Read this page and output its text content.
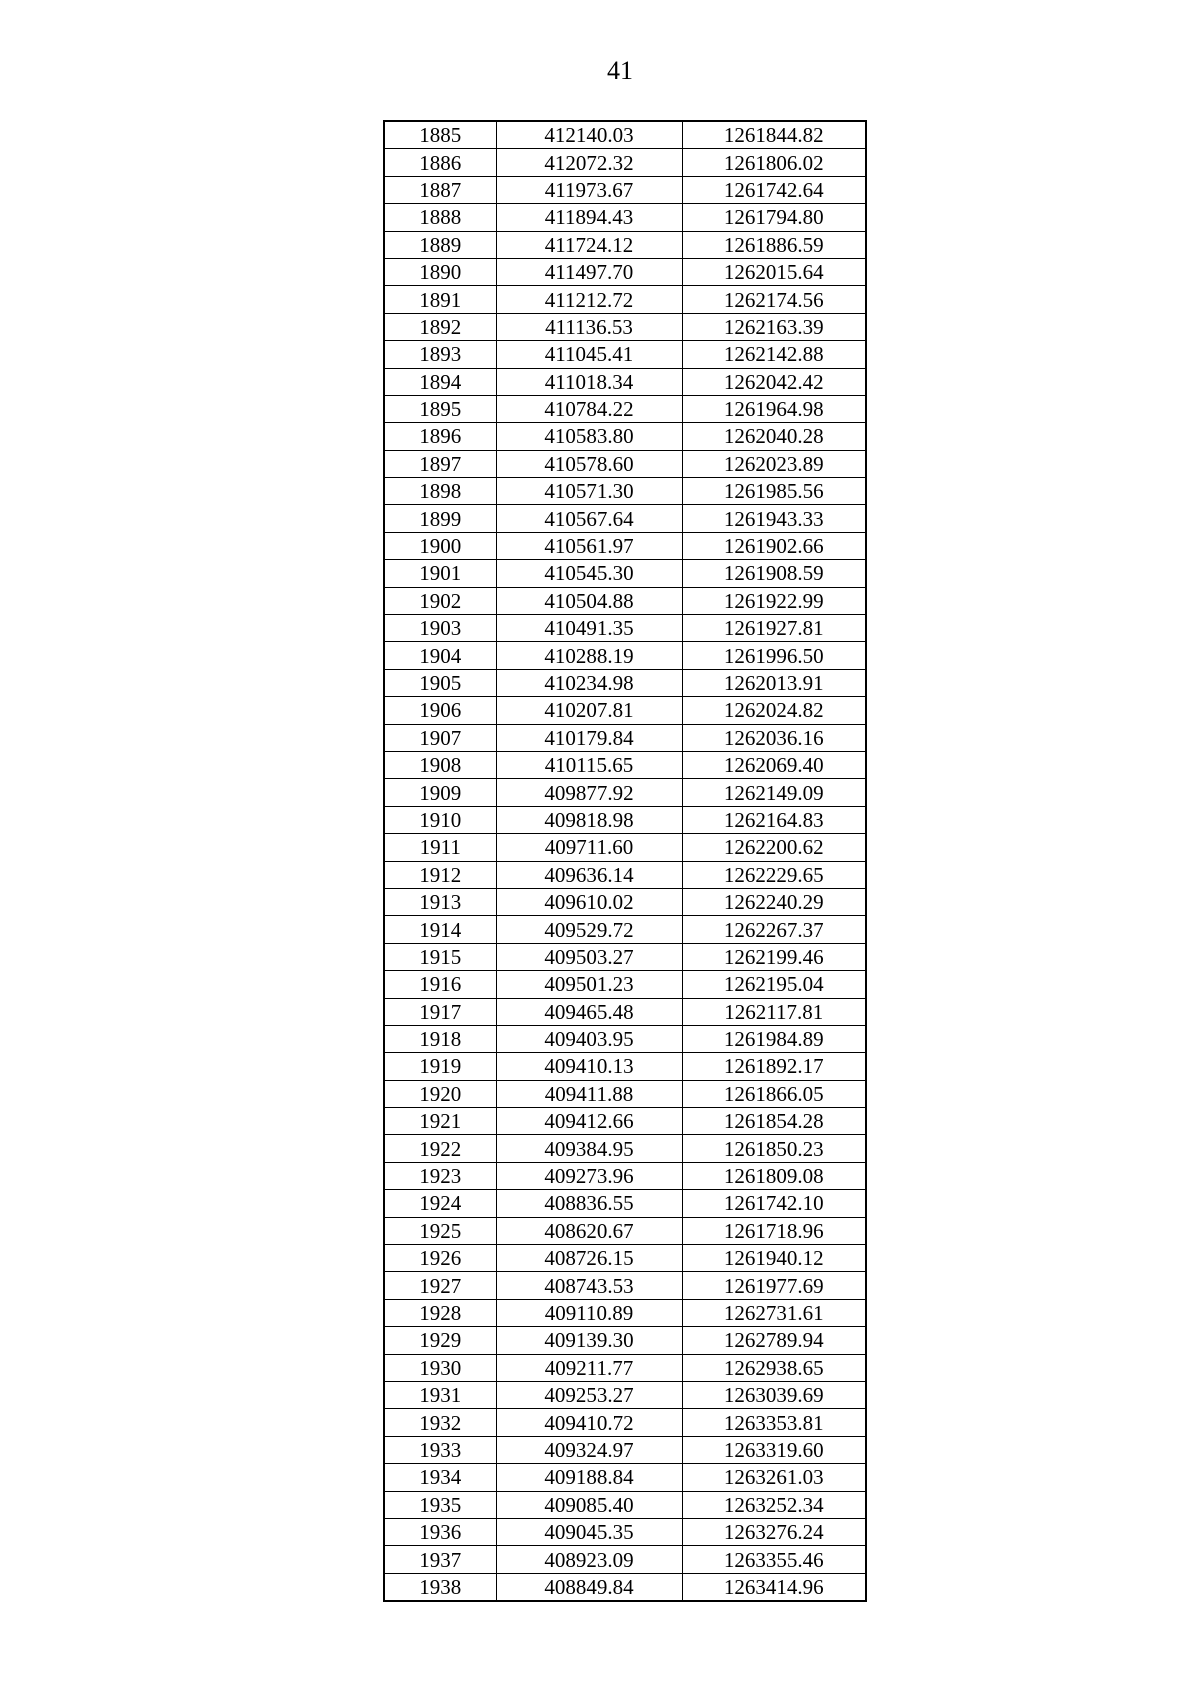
41
1885	412140.03	1261844.82
1886	412072.32	1261806.02
1887	411973.67	1261742.64
1888	411894.43	1261794.80
1889	411724.12	1261886.59
1890	411497.70	1262015.64
1891	411212.72	1262174.56
1892	411136.53	1262163.39
1893	411045.41	1262142.88
1894	411018.34	1262042.42
1895	410784.22	1261964.98
1896	410583.80	1262040.28
1897	410578.60	1262023.89
1898	410571.30	1261985.56
1899	410567.64	1261943.33
1900	410561.97	1261902.66
1901	410545.30	1261908.59
1902	410504.88	1261922.99
1903	410491.35	1261927.81
1904	410288.19	1261996.50
1905	410234.98	1262013.91
1906	410207.81	1262024.82
1907	410179.84	1262036.16
1908	410115.65	1262069.40
1909	409877.92	1262149.09
1910	409818.98	1262164.83
1911	409711.60	1262200.62
1912	409636.14	1262229.65
1913	409610.02	1262240.29
1914	409529.72	1262267.37
1915	409503.27	1262199.46
1916	409501.23	1262195.04
1917	409465.48	1262117.81
1918	409403.95	1261984.89
1919	409410.13	1261892.17
1920	409411.88	1261866.05
1921	409412.66	1261854.28
1922	409384.95	1261850.23
1923	409273.96	1261809.08
1924	408836.55	1261742.10
1925	408620.67	1261718.96
1926	408726.15	1261940.12
1927	408743.53	1261977.69
1928	409110.89	1262731.61
1929	409139.30	1262789.94
1930	409211.77	1262938.65
1931	409253.27	1263039.69
1932	409410.72	1263353.81
1933	409324.97	1263319.60
1934	409188.84	1263261.03
1935	409085.40	1263252.34
1936	409045.35	1263276.24
1937	408923.09	1263355.46
1938	408849.84	1263414.96
